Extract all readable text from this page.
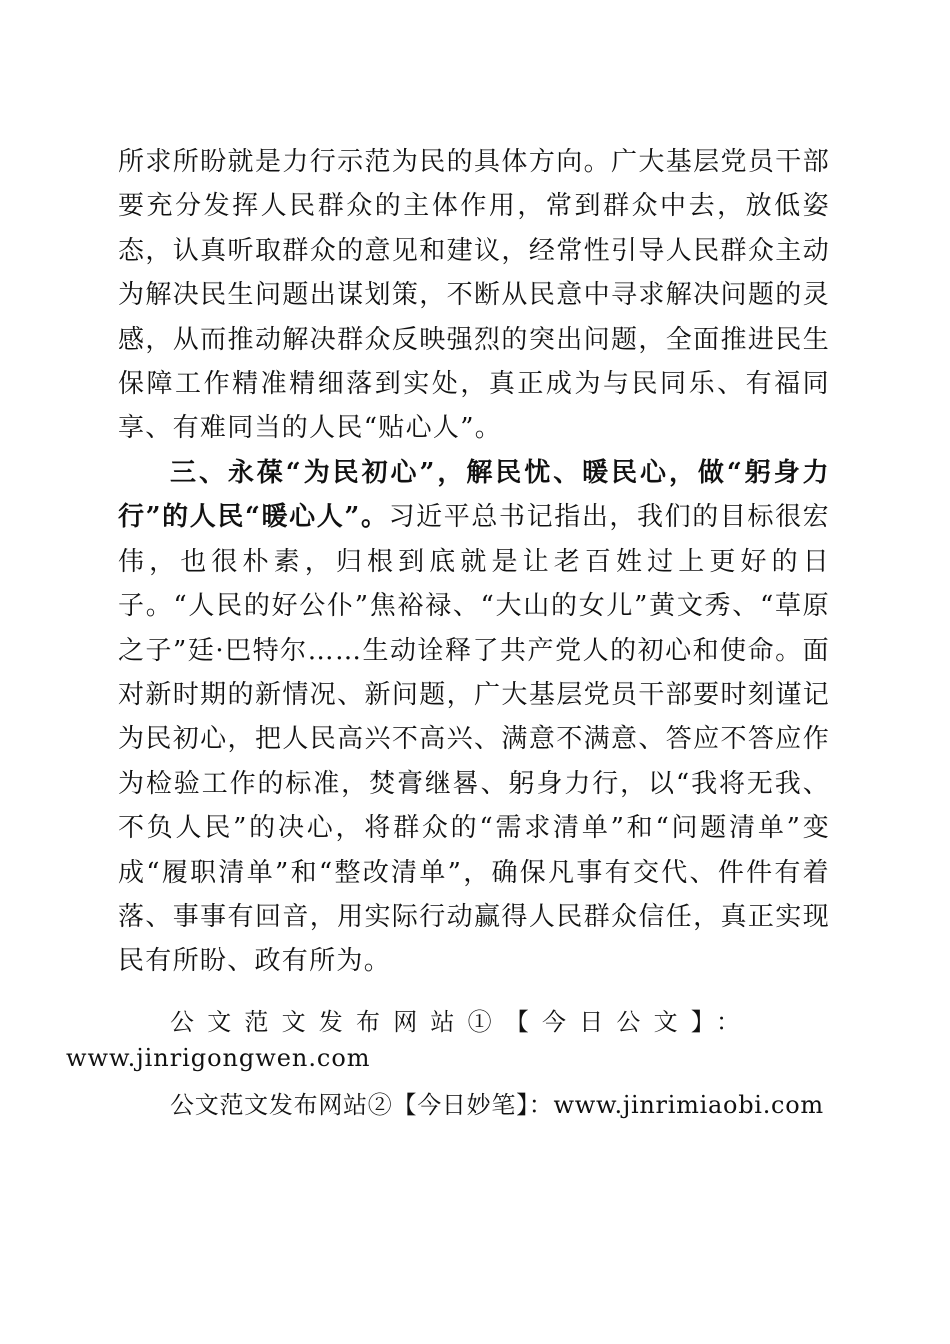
所求所盼就是力行示范为民的具体方向。广大基层党员干部要充分发挥人民群众的主体作用，常到群众中去，放低姿态，认真听取群众的意见和建议，经常性引导人民群众主动为解决民生问题出谋划策，不断从民意中寻求解决问题的灵感，从而推动解决群众反映强烈的突出问题，全面推进民生保障工作精准精细落到实处，真正成为与民同乐、有福同享、有难同当的人民“贴心人”。
三、永葆“为民初心”，解民忧、暖民心，做“躬身力行”的人民“暖心人”。习近平总书记指出，我们的目标很宏伟，也很朴素，归根到底就是让老百姓过上更好的日子。“人民的好公仆”焦裕禄、“大山的女儿”黄文秀、“草原之子”廷·巴特尔……生动诠释了共产党人的初心和使命。面对新时期的新情况、新问题，广大基层党员干部要时刻谨记为民初心，把人民高兴不高兴、满意不满意、答应不答应作为检验工作的标准，焚膏继晷、躬身力行，以“我将无我、不负人民”的决心，将群众的“需求清单”和“问题清单”变成“履职清单”和“整改清单”，确保凡事有交代、件件有着落、事事有回音，用实际行动赢得人民群众信任，真正实现民有所盼、政有所为。
公文范文发布网站①【今日公文】：
www.jinrigongwen.com
公文范文发布网站②【今日妙笔】：www.jinrimiaobi.com
